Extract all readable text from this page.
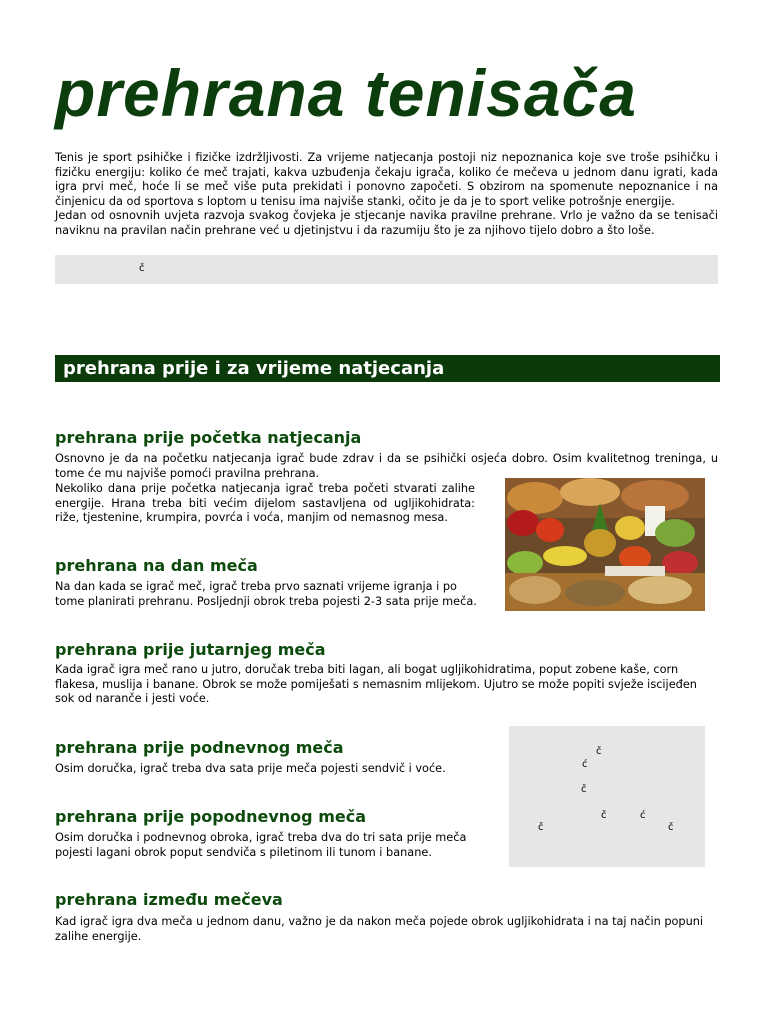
prehrana tenisača
Tenis je sport psihičke i fizičke izdržljivosti. Za vrijeme natjecanja postoji niz nepoznanica koje sve troše psihičku i fizičku energiju: koliko će meč trajati, kakva uzbuđenja čekaju igrača, koliko će mečeva u jednom danu igrati, kada igra prvi meč, hoće li se meč više puta prekidati i ponovno započeti. S obzirom na spomenute nepoznanice i na činjenicu da od sportova s loptom u tenisu ima najviše stanki, očito je da je to sport velike potrošnje energije.
Jedan od osnovnih uvjeta razvoja svakog čovjeka je stjecanje navika pravilne prehrane. Vrlo je važno da se tenisači naviknu na pravilan način prehrane već u djetinjstvu i da razumiju što je za njihovo tijelo dobro a što loše.
č
prehrana prije i za vrijeme natjecanja
prehrana prije početka natjecanja
Osnovno je da na početku natjecanja igrač bude zdrav i da se psihički osjeća dobro. Osim kvalitetnog treninga, u tome će mu najviše pomoći pravilna prehrana.
Nekoliko dana prije početka natjecanja igrač treba početi stvarati zalihe energije. Hrana treba biti većim dijelom sastavljena od ugljikohidrata: riže, tjestenine, krumpira, povrća i voća, manjim od nemasnog mesa.
prehrana na dan meča
Na dan kada se igrač meč, igrač treba prvo saznati vrijeme igranja i po tome planirati prehranu. Posljednji obrok treba pojesti 2-3 sata prije meča.
prehrana prije jutarnjeg meča
Kada igrač igra meč rano u jutro, doručak treba biti lagan, ali bogat ugljikohidratima, poput zobene kaše, corn flakesa, muslija i banane. Obrok se može pomiješati s nemasnim mlijekom. Ujutro se može popiti svježe iscijeđen sok od naranče i jesti voće.
č
ć
č
č	ć
č	č
prehrana prije podnevnog meča
Osim doručka, igrač treba dva sata prije meča pojesti sendvič i voće.
prehrana prije popodnevnog meča
Osim doručka i podnevnog obroka, igrač treba dva do tri sata prije meča pojesti lagani obrok poput sendviča s piletinom ili tunom i banane.
prehrana između mečeva
Kad igrač igra dva meča u jednom danu, važno je da nakon meča pojede obrok ugljikohidrata i na taj način popuni zalihe energije.
